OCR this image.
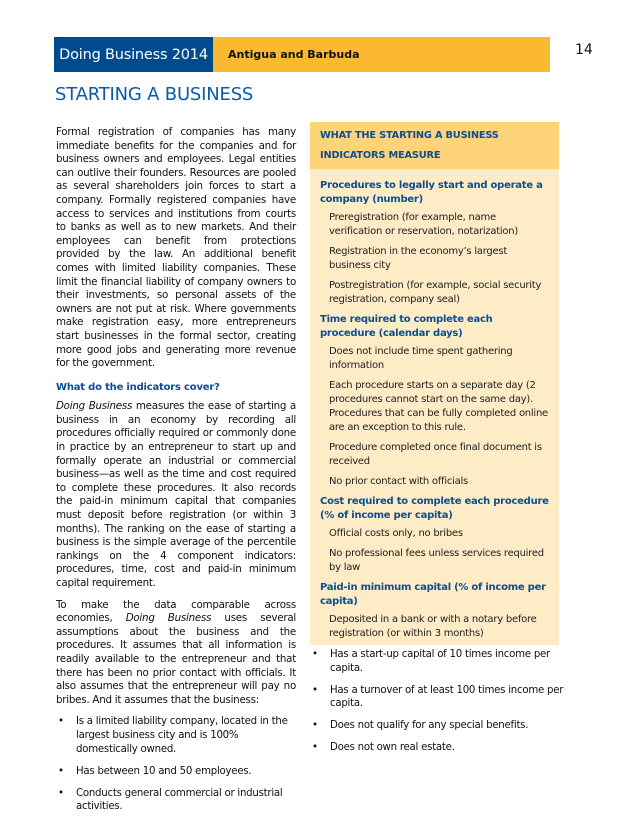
Doing Business 2014	Antigua and Barbuda	14
STARTING A BUSINESS

Formal registration of companies has many immediate benefits for the companies and for business owners and employees. Legal entities can outlive their founders. Resources are pooled as several shareholders join forces to start a company. Formally registered companies have access to services and institutions from courts to banks as well as to new markets. And their employees can benefit from protections provided by the law. An additional benefit comes with limited liability companies. These limit the financial liability of company owners to their investments, so personal assets of the owners are not put at risk. Where governments make registration easy, more entrepreneurs start businesses in the formal sector, creating more good jobs and generating more revenue for the government.

What do the indicators cover?

Doing Business measures the ease of starting a business in an economy by recording all procedures officially required or commonly done in practice by an entrepreneur to start up and formally operate an industrial or commercial business—as well as the time and cost required to complete these procedures. It also records the paid-in minimum capital that companies must deposit before registration (or within 3 months). The ranking on the ease of starting a business is the simple average of the percentile rankings on the 4 component indicators: procedures, time, cost and paid-in minimum capital requirement.

To make the data comparable across economies, Doing Business uses several assumptions about the business and the procedures. It assumes that all information is readily available to the entrepreneur and that there has been no prior contact with officials. It also assumes that the entrepreneur will pay no bribes. And it assumes that the business:

• Is a limited liability company, located in the largest business city and is 100% domestically owned.
• Has between 10 and 50 employees.
• Conducts general commercial or industrial activities.
WHAT THE STARTING A BUSINESS
INDICATORS MEASURE
Procedures to legally start and operate a company (number)
Preregistration (for example, name verification or reservation, notarization)
Registration in the economy’s largest business city
Postregistration (for example, social security registration, company seal)
Time required to complete each procedure (calendar days)
Does not include time spent gathering information
Each procedure starts on a separate day (2 procedures cannot start on the same day). Procedures that can be fully completed online are an exception to this rule.
Procedure completed once final document is received
No prior contact with officials
Cost required to complete each procedure (% of income per capita)
Official costs only, no bribes
No professional fees unless services required by law
Paid-in minimum capital (% of income per capita)
Deposited in a bank or with a notary before registration (or within 3 months)
• Has a start-up capital of 10 times income per capita.
• Has a turnover of at least 100 times income per capita.
• Does not qualify for any special benefits.
• Does not own real estate.
